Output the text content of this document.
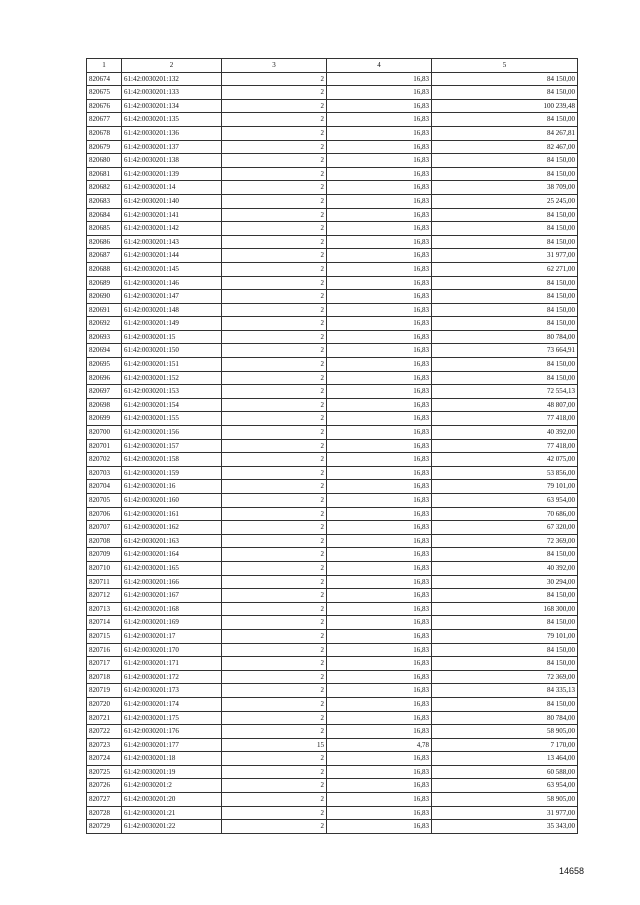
1	2	3	4	5
820674	61:42:0030201:132	2	16,83	84 150,00
820675	61:42:0030201:133	2	16,83	84 150,00
820676	61:42:0030201:134	2	16,83	100 239,48
820677	61:42:0030201:135	2	16,83	84 150,00
820678	61:42:0030201:136	2	16,83	84 267,81
820679	61:42:0030201:137	2	16,83	82 467,00
820680	61:42:0030201:138	2	16,83	84 150,00
820681	61:42:0030201:139	2	16,83	84 150,00
820682	61:42:0030201:14	2	16,83	38 709,00
820683	61:42:0030201:140	2	16,83	25 245,00
820684	61:42:0030201:141	2	16,83	84 150,00
820685	61:42:0030201:142	2	16,83	84 150,00
820686	61:42:0030201:143	2	16,83	84 150,00
820687	61:42:0030201:144	2	16,83	31 977,00
820688	61:42:0030201:145	2	16,83	62 271,00
820689	61:42:0030201:146	2	16,83	84 150,00
820690	61:42:0030201:147	2	16,83	84 150,00
820691	61:42:0030201:148	2	16,83	84 150,00
820692	61:42:0030201:149	2	16,83	84 150,00
820693	61:42:0030201:15	2	16,83	80 784,00
820694	61:42:0030201:150	2	16,83	73 664,91
820695	61:42:0030201:151	2	16,83	84 150,00
820696	61:42:0030201:152	2	16,83	84 150,00
820697	61:42:0030201:153	2	16,83	72 554,13
820698	61:42:0030201:154	2	16,83	48 807,00
820699	61:42:0030201:155	2	16,83	77 418,00
820700	61:42:0030201:156	2	16,83	40 392,00
820701	61:42:0030201:157	2	16,83	77 418,00
820702	61:42:0030201:158	2	16,83	42 075,00
820703	61:42:0030201:159	2	16,83	53 856,00
820704	61:42:0030201:16	2	16,83	79 101,00
820705	61:42:0030201:160	2	16,83	63 954,00
820706	61:42:0030201:161	2	16,83	70 686,00
820707	61:42:0030201:162	2	16,83	67 320,00
820708	61:42:0030201:163	2	16,83	72 369,00
820709	61:42:0030201:164	2	16,83	84 150,00
820710	61:42:0030201:165	2	16,83	40 392,00
820711	61:42:0030201:166	2	16,83	30 294,00
820712	61:42:0030201:167	2	16,83	84 150,00
820713	61:42:0030201:168	2	16,83	168 300,00
820714	61:42:0030201:169	2	16,83	84 150,00
820715	61:42:0030201:17	2	16,83	79 101,00
820716	61:42:0030201:170	2	16,83	84 150,00
820717	61:42:0030201:171	2	16,83	84 150,00
820718	61:42:0030201:172	2	16,83	72 369,00
820719	61:42:0030201:173	2	16,83	84 335,13
820720	61:42:0030201:174	2	16,83	84 150,00
820721	61:42:0030201:175	2	16,83	80 784,00
820722	61:42:0030201:176	2	16,83	58 905,00
820723	61:42:0030201:177	15	4,78	7 170,00
820724	61:42:0030201:18	2	16,83	13 464,00
820725	61:42:0030201:19	2	16,83	60 588,00
820726	61:42:0030201:2	2	16,83	63 954,00
820727	61:42:0030201:20	2	16,83	58 905,00
820728	61:42:0030201:21	2	16,83	31 977,00
820729	61:42:0030201:22	2	16,83	35 343,00
14658
